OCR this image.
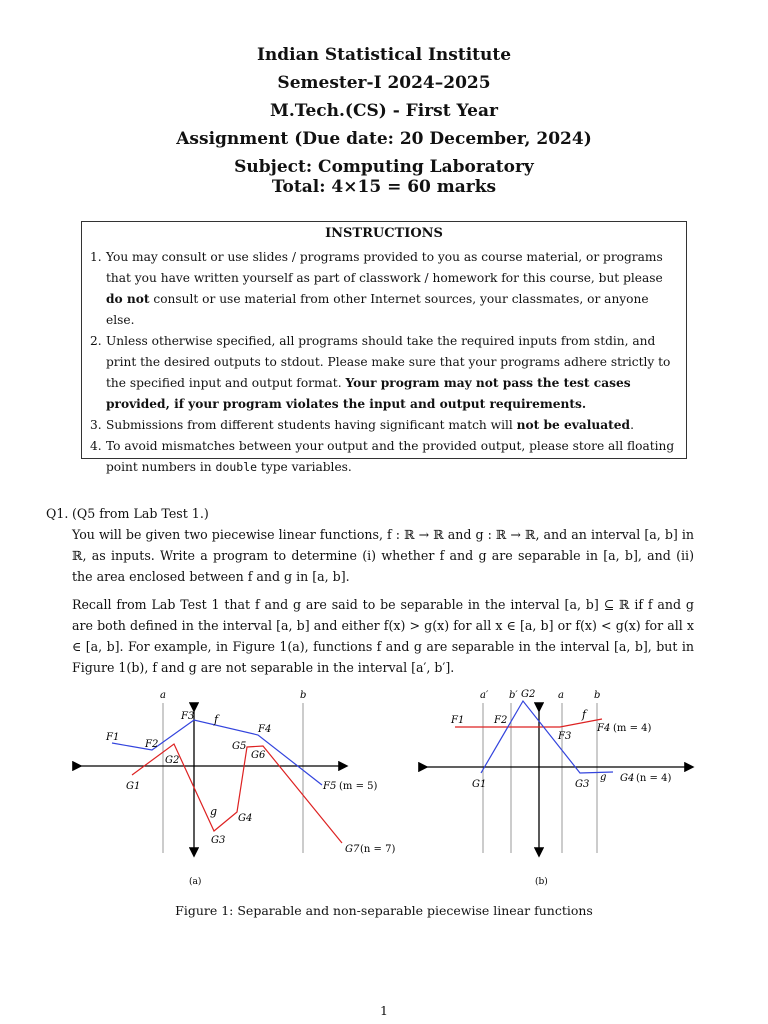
Indian Statistical Institute
Semester-I 2024–2025
M.Tech.(CS) - First Year
Assignment (Due date: 20 December, 2024)
Subject: Computing Laboratory
Total: 4×15 = 60 marks
INSTRUCTIONS
1. You may consult or use slides / programs provided to you as course material, or programs that you have written yourself as part of classwork / homework for this course, but please do not consult or use material from other Internet sources, your classmates, or anyone else.
2. Unless otherwise specified, all programs should take the required inputs from stdin, and print the desired outputs to stdout. Please make sure that your programs adhere strictly to the specified input and output format. Your program may not pass the test cases provided, if your program violates the input and output requirements.
3. Submissions from different students having significant match will not be evaluated.
4. To avoid mismatches between your output and the provided output, please store all floating point numbers in double type variables.
Q1. (Q5 from Lab Test 1.)
You will be given two piecewise linear functions, f : ℝ → ℝ and g : ℝ → ℝ, and an interval [a, b] in ℝ, as inputs. Write a program to determine (i) whether f and g are separable in [a, b], and (ii) the area enclosed between f and g in [a, b].
Recall from Lab Test 1 that f and g are said to be separable in the interval [a, b] ⊆ ℝ if f and g are both defined in the interval [a, b] and either f(x) > g(x) for all x ∈ [a, b] or f(x) < g(x) for all x ∈ [a, b]. For example, in Figure 1(a), functions f and g are separable in the interval [a, b], but in Figure 1(b), f and g are not separable in the interval [a′, b′].
a	b
f
g
F1
F2
F3
F4
F5 (m = 5)
G1
G2
G3
G4
G5
G6
G7 (n = 7)
(a)
a′ b′	a	b
G2
f
g
F1	F2
F3
F4 (m = 4)
G1	G3
G4 (n = 4)
(b)
Figure 1: Separable and non-separable piecewise linear functions
1
